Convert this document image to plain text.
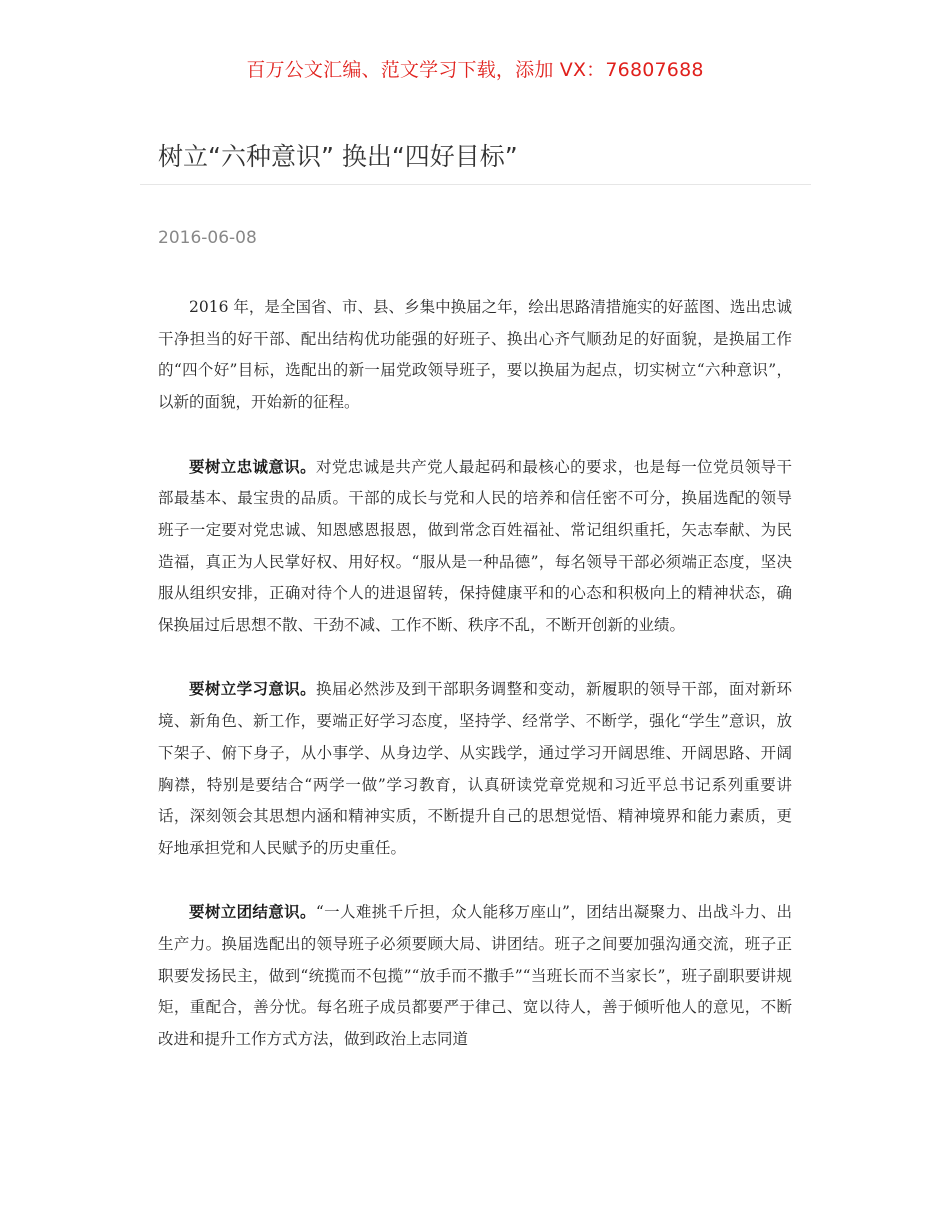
百万公文汇编、范文学习下载，添加 VX：76807688
树立“六种意识” 换出“四好目标”
2016-06-08

2016 年，是全国省、市、县、乡集中换届之年，绘出思路清措施实的好蓝图、选出忠诚干净担当的好干部、配出结构优功能强的好班子、换出心齐气顺劲足的好面貌，是换届工作的“四个好”目标，选配出的新一届党政领导班子，要以换届为起点，切实树立“六种意识”，以新的面貌，开始新的征程。

要树立忠诚意识。对党忠诚是共产党人最起码和最核心的要求，也是每一位党员领导干部最基本、最宝贵的品质。干部的成长与党和人民的培养和信任密不可分，换届选配的领导班子一定要对党忠诚、知恩感恩报恩，做到常念百姓福祉、常记组织重托，矢志奉献、为民造福，真正为人民掌好权、用好权。“服从是一种品德”，每名领导干部必须端正态度，坚决服从组织安排，正确对待个人的进退留转，保持健康平和的心态和积极向上的精神状态，确保换届过后思想不散、干劲不减、工作不断、秩序不乱，不断开创新的业绩。

要树立学习意识。换届必然涉及到干部职务调整和变动，新履职的领导干部，面对新环境、新角色、新工作，要端正好学习态度，坚持学、经常学、不断学，强化“学生”意识，放下架子、俯下身子，从小事学、从身边学、从实践学，通过学习开阔思维、开阔思路、开阔胸襟，特别是要结合“两学一做”学习教育，认真研读党章党规和习近平总书记系列重要讲话，深刻领会其思想内涵和精神实质，不断提升自己的思想觉悟、精神境界和能力素质，更好地承担党和人民赋予的历史重任。

要树立团结意识。“一人难挑千斤担，众人能移万座山”，团结出凝聚力、出战斗力、出生产力。换届选配出的领导班子必须要顾大局、讲团结。班子之间要加强沟通交流，班子正职要发扬民主，做到“统揽而不包揽”“放手而不撒手”“当班长而不当家长”，班子副职要讲规矩，重配合，善分忧。每名班子成员都要严于律己、宽以待人，善于倾听他人的意见，不断改进和提升工作方式方法，做到政治上志同道
